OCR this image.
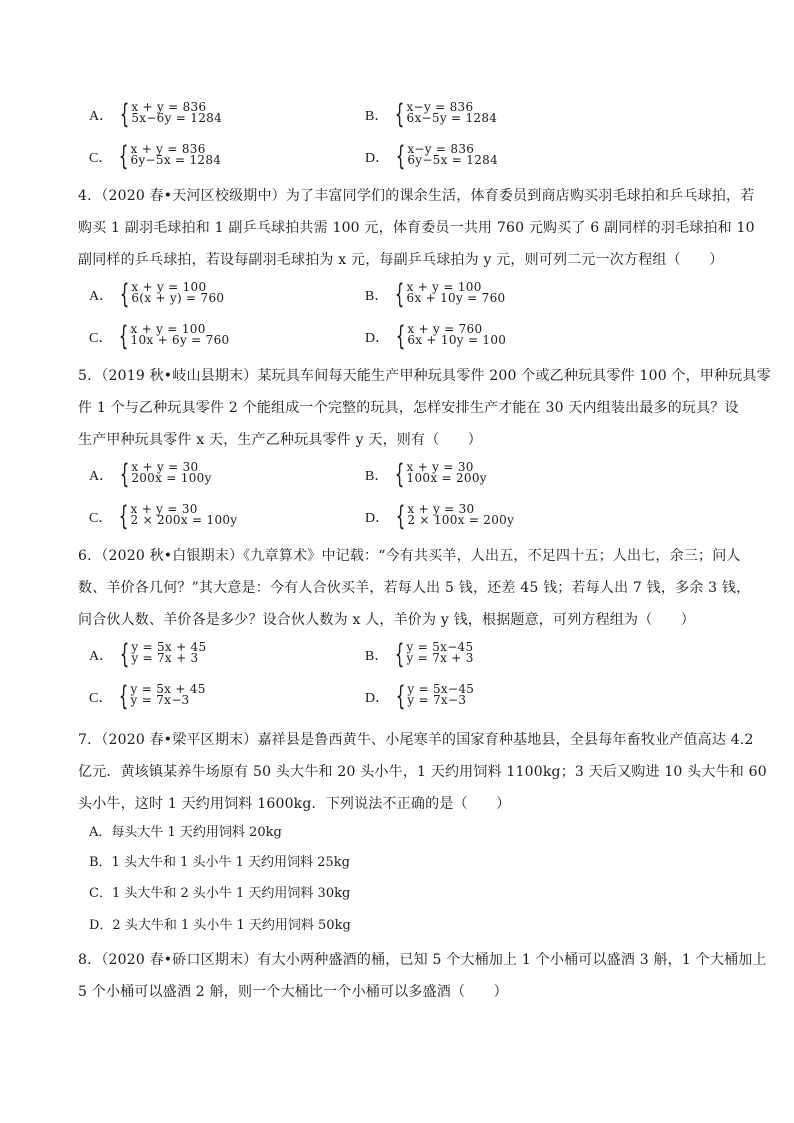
A． { x + y = 836
5x−6y = 1284	B． { x−y = 836
6x−5y = 1284
C． { x + y = 836
6y−5x = 1284	D． { x−y = 836
6y−5x = 1284
4．（2020 春•天河区校级期中）为了丰富同学们的课余生活，体育委员到商店购买羽毛球拍和乒乓球拍，若
购买 1 副羽毛球拍和 1 副乒乓球拍共需 100 元，体育委员一共用 760 元购买了 6 副同样的羽毛球拍和 10
副同样的乒乓球拍，若设每副羽毛球拍为 x 元，每副乒乓球拍为 y 元，则可列二元一次方程组（　　）
A． { x + y = 100
6(x + y) = 760	B． { x + y = 100
6x + 10y = 760
C． { x + y = 100
10x + 6y = 760	D． { x + y = 760
6x + 10y = 100
5．（2019 秋•岐山县期末）某玩具车间每天能生产甲种玩具零件 200 个或乙种玩具零件 100 个，甲种玩具零
件 1 个与乙种玩具零件 2 个能组成一个完整的玩具，怎样安排生产才能在 30 天内组装出最多的玩具？设
生产甲种玩具零件 x 天，生产乙种玩具零件 y 天，则有（　　）
A． { x + y = 30
200x = 100y	B． { x + y = 30
100x = 200y
C． { x + y = 30
2 × 200x = 100y	D． { x + y = 30
2 × 100x = 200y
6．（2020 秋•白银期末）《九章算术》中记载：“今有共买羊，人出五，不足四十五；人出七，余三；问人
数、羊价各几何？”其大意是：今有人合伙买羊，若每人出 5 钱，还差 45 钱；若每人出 7 钱，多余 3 钱，
问合伙人数、羊价各是多少？设合伙人数为 x 人，羊价为 y 钱，根据题意，可列方程组为（　　）
A． { y = 5x + 45
y = 7x + 3	B． { y = 5x−45
y = 7x + 3
C． { y = 5x + 45
y = 7x−3	D． { y = 5x−45
y = 7x−3
7．（2020 春•梁平区期末）嘉祥县是鲁西黄牛、小尾寒羊的国家育种基地县，全县每年畜牧业产值高达 4.2
亿元．黄垓镇某养牛场原有 50 头大牛和 20 头小牛，1 天约用饲料 1100kg；3 天后又购进 10 头大牛和 60
头小牛，这时 1 天约用饲料 1600kg．下列说法不正确的是（　　）
A．每头大牛 1 天约用饲料 20kg
B．1 头大牛和 1 头小牛 1 天约用饲料 25kg
C．1 头大牛和 2 头小牛 1 天约用饲料 30kg
D．2 头大牛和 1 头小牛 1 天约用饲料 50kg
8．（2020 春•硚口区期末）有大小两种盛酒的桶，已知 5 个大桶加上 1 个小桶可以盛酒 3 斛，1 个大桶加上
5 个小桶可以盛酒 2 斛，则一个大桶比一个小桶可以多盛酒（　　）
